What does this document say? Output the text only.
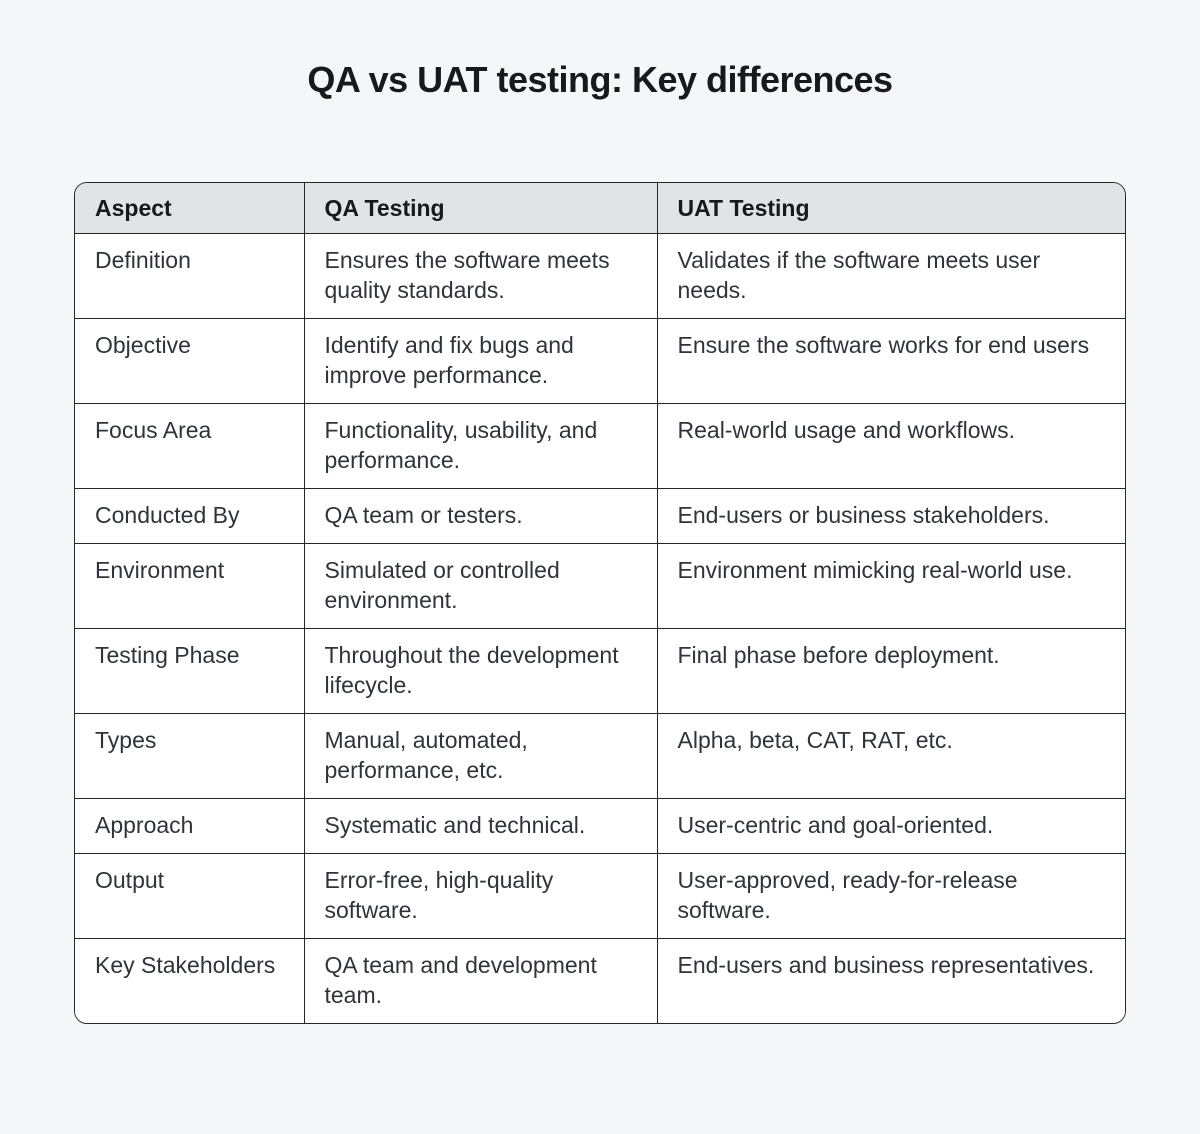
QA vs UAT testing: Key differences
Aspect	QA Testing	UAT Testing
Definition	Ensures the software meets quality standards.	Validates if the software meets user needs.
Objective	Identify and fix bugs and improve performance.	Ensure the software works for end users
Focus Area	Functionality, usability, and performance.	Real-world usage and workflows.
Conducted By	QA team or testers.	End-users or business stakeholders.
Environment	Simulated or controlled environment.	Environment mimicking real-world use.
Testing Phase	Throughout the development lifecycle.	Final phase before deployment.
Types	Manual, automated, performance, etc.	Alpha, beta, CAT, RAT, etc.
Approach	Systematic and technical.	User-centric and goal-oriented.
Output	Error-free, high-quality software.	User-approved, ready-for-release software.
Key Stakeholders	QA team and development team.	End-users and business representatives.
